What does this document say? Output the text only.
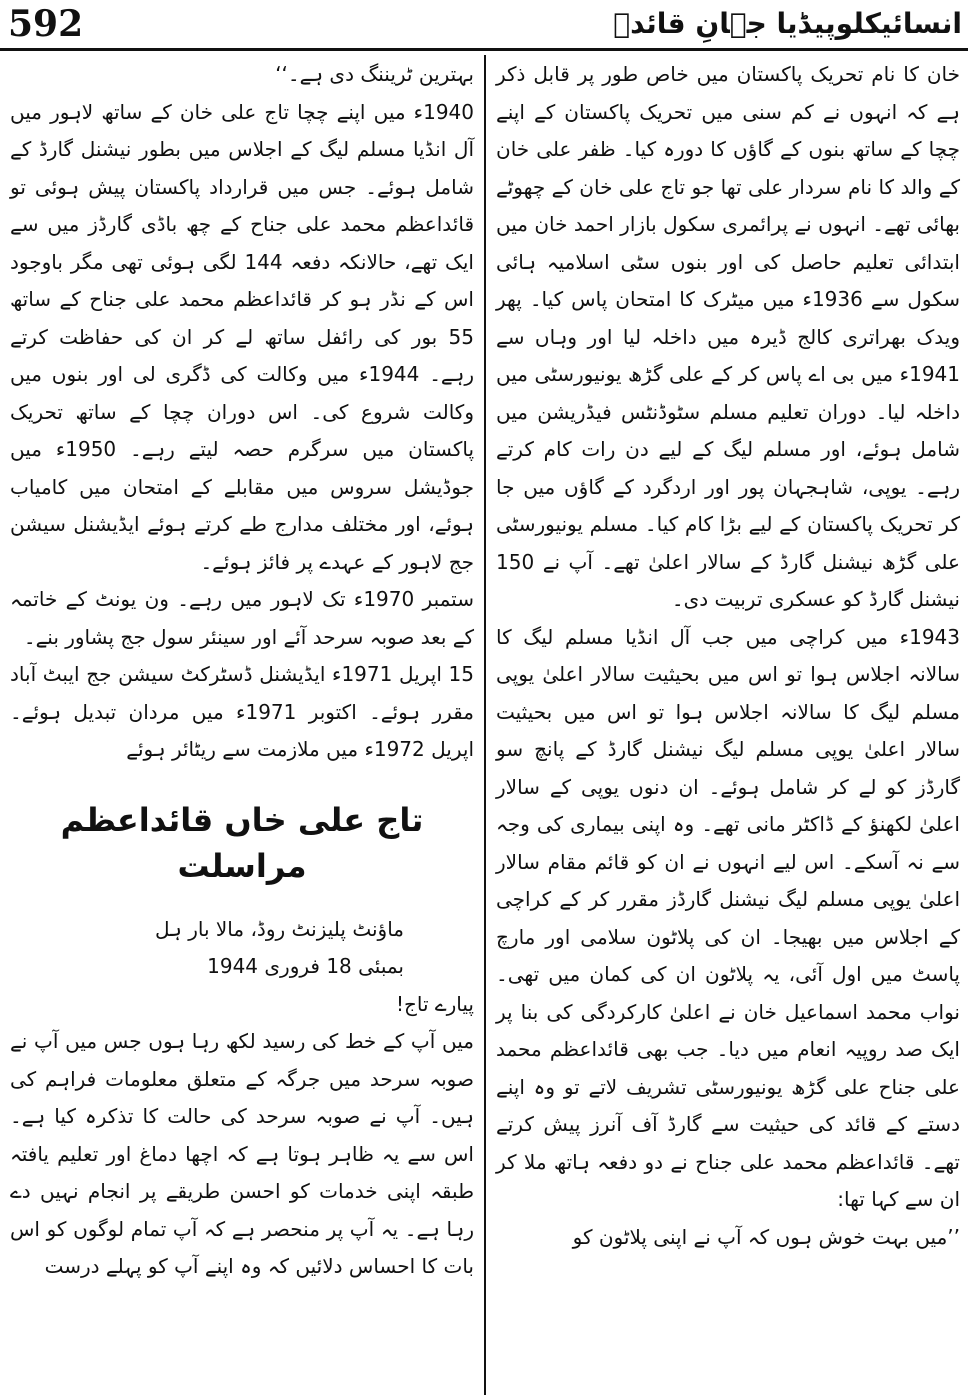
592	انسائیکلوپیڈیا جہانِ قائدؒ

خان کا نام تحریک پاکستان میں خاص طور پر قابل ذکر ہے کہ انہوں نے کم سنی میں تحریک پاکستان کے اپنے چچا کے ساتھ بنوں کے گاؤں کا دورہ کیا۔ ظفر علی خان کے والد کا نام سردار علی تھا جو تاج علی خان کے چھوٹے بھائی تھے۔ انہوں نے پرائمری سکول بازار احمد خان میں ابتدائی تعلیم حاصل کی اور بنوں سٹی اسلامیہ ہائی سکول سے 1936ء میں میٹرک کا امتحان پاس کیا۔ پھر ویدک بھراتری کالج ڈیرہ میں داخلہ لیا اور وہاں سے 1941ء میں بی اے پاس کر کے علی گڑھ یونیورسٹی میں داخلہ لیا۔ دوران تعلیم مسلم سٹوڈنٹس فیڈریشن میں شامل ہوئے، اور مسلم لیگ کے لیے دن رات کام کرتے رہے۔ یوپی، شاہجہان پور اور اردگرد کے گاؤں میں جا کر تحریک پاکستان کے لیے بڑا کام کیا۔ مسلم یونیورسٹی علی گڑھ نیشنل گارڈ کے سالار اعلیٰ تھے۔ آپ نے 150 نیشنل گارڈ کو عسکری تربیت دی۔

1943ء میں کراچی میں جب آل انڈیا مسلم لیگ کا سالانہ اجلاس ہوا تو اس میں بحیثیت سالار اعلیٰ یوپی مسلم لیگ کا سالانہ اجلاس ہوا تو اس میں بحیثیت سالار اعلیٰ یوپی مسلم لیگ نیشنل گارڈ کے پانچ سو گارڈز کو لے کر شامل ہوئے۔ ان دنوں یوپی کے سالار اعلیٰ لکھنؤ کے ڈاکٹر مانی تھے۔ وہ اپنی بیماری کی وجہ سے نہ آسکے۔ اس لیے انہوں نے ان کو قائم مقام سالار اعلیٰ یوپی مسلم لیگ نیشنل گارڈز مقرر کر کے کراچی کے اجلاس میں بھیجا۔ ان کی پلاٹون سلامی اور مارچ پاسٹ میں اول آئی، یہ پلاٹون ان کی کمان میں تھی۔ نواب محمد اسماعیل خان نے اعلیٰ کارکردگی کی بنا پر ایک صد روپیہ انعام میں دیا۔ جب بھی قائداعظم محمد علی جناح علی گڑھ یونیورسٹی تشریف لاتے تو وہ اپنے دستے کے قائد کی حیثیت سے گارڈ آف آنرز پیش کرتے تھے۔ قائداعظم محمد علی جناح نے دو دفعہ ہاتھ ملا کر ان سے کہا تھا:

’’میں بہت خوش ہوں کہ آپ نے اپنی پلاٹون کو

بہترین ٹریننگ دی ہے۔‘‘

1940ء میں اپنے چچا تاج علی خان کے ساتھ لاہور میں آل انڈیا مسلم لیگ کے اجلاس میں بطور نیشنل گارڈ کے شامل ہوئے۔ جس میں قرارداد پاکستان پیش ہوئی تو قائداعظم محمد علی جناح کے چھ باڈی گارڈز میں سے ایک تھے، حالانکہ دفعہ 144 لگی ہوئی تھی مگر باوجود اس کے نڈر ہو کر قائداعظم محمد علی جناح کے ساتھ 55 بور کی رائفل ساتھ لے کر ان کی حفاظت کرتے رہے۔ 1944ء میں وکالت کی ڈگری لی اور بنوں میں وکالت شروع کی۔ اس دوران چچا کے ساتھ تحریک پاکستان میں سرگرم حصہ لیتے رہے۔ 1950ء میں جوڈیشل سروس میں مقابلے کے امتحان میں کامیاب ہوئے، اور مختلف مدارج طے کرتے ہوئے ایڈیشنل سیشن جج لاہور کے عہدے پر فائز ہوئے۔

ستمبر 1970ء تک لاہور میں رہے۔ ون یونٹ کے خاتمہ کے بعد صوبہ سرحد آئے اور سینئر سول جج پشاور بنے۔

15 اپریل 1971ء ایڈیشنل ڈسٹرکٹ سیشن جج ایبٹ آباد مقرر ہوئے۔ اکتوبر 1971ء میں مردان تبدیل ہوئے۔ اپریل 1972ء میں ملازمت سے ریٹائر ہوئے

تاج علی خاں قائداعظم مراسلت

ماؤنٹ پلیزنٹ روڈ، مالا بار ہل

بمبئی 18 فروری 1944

پیارے تاج!

میں آپ کے خط کی رسید لکھ رہا ہوں جس میں آپ نے صوبہ سرحد میں جرگہ کے متعلق معلومات فراہم کی ہیں۔ آپ نے صوبہ سرحد کی حالت کا تذکرہ کیا ہے۔ اس سے یہ ظاہر ہوتا ہے کہ اچھا دماغ اور تعلیم یافتہ طبقہ اپنی خدمات کو احسن طریقے پر انجام نہیں دے رہا ہے۔ یہ آپ پر منحصر ہے کہ آپ تمام لوگوں کو اس بات کا احساس دلائیں کہ وہ اپنے آپ کو پہلے درست
